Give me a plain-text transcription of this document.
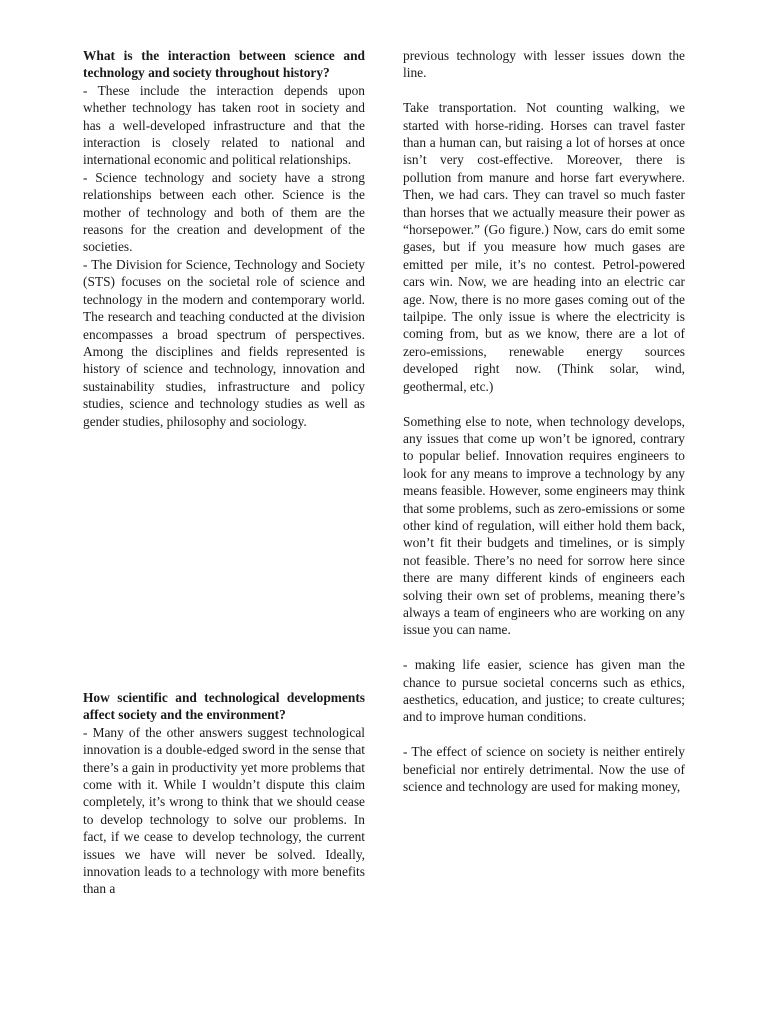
What is the interaction between science and technology and society throughout history?

- These include the interaction depends upon whether technology has taken root in society and has a well-developed infrastructure and that the interaction is closely related to national and international economic and political relationships.

- Science technology and society have a strong relationships between each other. Science is the mother of technology and both of them are the reasons for the creation and development of the societies.

- The Division for Science, Technology and Society (STS) focuses on the societal role of science and technology in the modern and contemporary world. The research and teaching conducted at the division encompasses a broad spectrum of perspectives. Among the disciplines and fields represented is history of science and technology, innovation and sustainability studies, infrastructure and policy studies, science and technology studies as well as gender studies, philosophy and sociology.

How scientific and technological developments affect society and the environment?

- Many of the other answers suggest technological innovation is a double-edged sword in the sense that there’s a gain in productivity yet more problems that come with it. While I wouldn’t dispute this claim completely, it’s wrong to think that we should cease to develop technology to solve our problems. In fact, if we cease to develop technology, the current issues we have will never be solved. Ideally, innovation leads to a technology with more benefits than a

previous technology with lesser issues down the line.

Take transportation. Not counting walking, we started with horse-riding. Horses can travel faster than a human can, but raising a lot of horses at once isn’t very cost-effective. Moreover, there is pollution from manure and horse fart everywhere. Then, we had cars. They can travel so much faster than horses that we actually measure their power as “horsepower.” (Go figure.) Now, cars do emit some gases, but if you measure how much gases are emitted per mile, it’s no contest. Petrol-powered cars win. Now, we are heading into an electric car age. Now, there is no more gases coming out of the tailpipe. The only issue is where the electricity is coming from, but as we know, there are a lot of zero-emissions, renewable energy sources developed right now. (Think solar, wind, geothermal, etc.)

Something else to note, when technology develops, any issues that come up won’t be ignored, contrary to popular belief. Innovation requires engineers to look for any means to improve a technology by any means feasible. However, some engineers may think that some problems, such as zero-emissions or some other kind of regulation, will either hold them back, won’t fit their budgets and timelines, or is simply not feasible. There’s no need for sorrow here since there are many different kinds of engineers each solving their own set of problems, meaning there’s always a team of engineers who are working on any issue you can name.

- making life easier, science has given man the chance to pursue societal concerns such as ethics, aesthetics, education, and justice; to create cultures; and to improve human conditions.

- The effect of science on society is neither entirely beneficial nor entirely detrimental. Now the use of science and technology are used for making money,
